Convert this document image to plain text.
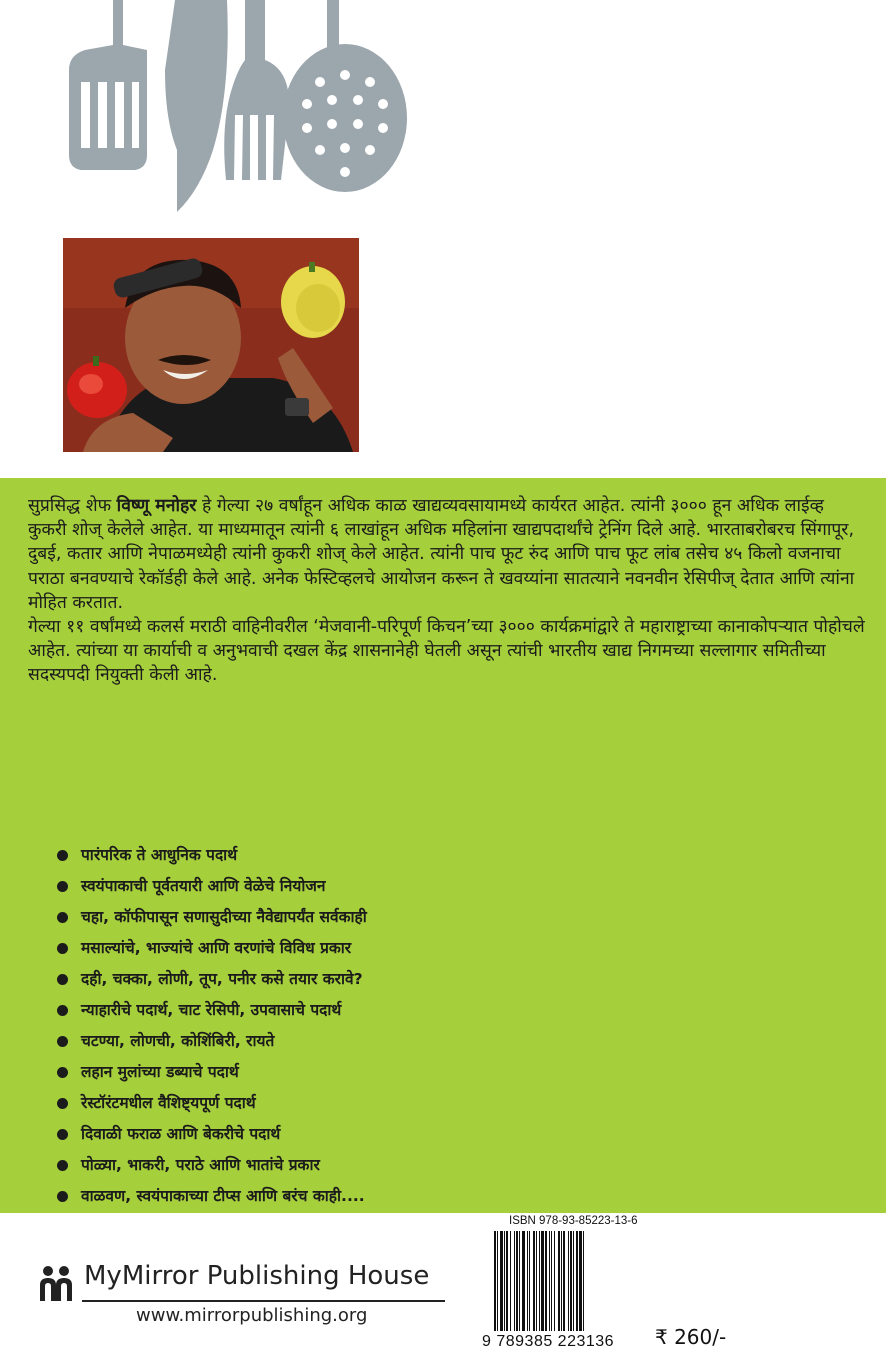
सुप्रसिद्ध शेफ विष्णू मनोहर हे गेल्या २७ वर्षांहून अधिक काळ खाद्यव्यवसायामध्ये कार्यरत आहेत. त्यांनी ३००० हून अधिक लाईव्ह कुकरी शोज् केलेले आहेत. या माध्यमातून त्यांनी ६ लाखांहून अधिक महिलांना खाद्यपदार्थांचे ट्रेनिंग दिले आहे. भारताबरोबरच सिंगापूर, दुबई, कतार आणि नेपाळमध्येही त्यांनी कुकरी शोज् केले आहेत. त्यांनी पाच फूट रुंद आणि पाच फूट लांब तसेच ४५ किलो वजनाचा पराठा बनवण्याचे रेकॉर्डही केले आहे. अनेक फेस्टिव्हलचे आयोजन करून ते खवय्यांना सातत्याने नवनवीन रेसिपीज् देतात आणि त्यांना मोहित करतात.

गेल्या ११ वर्षांमध्ये कलर्स मराठी वाहिनीवरील ‘मेजवानी-परिपूर्ण किचन’च्या ३००० कार्यक्रमांद्वारे ते महाराष्ट्राच्या कानाकोपऱ्यात पोहोचले आहेत. त्यांच्या या कार्याची व अनुभवाची दखल केंद्र शासनानेही घेतली असून त्यांची भारतीय खाद्य निगमच्या सल्लागार समितीच्या सदस्यपदी नियुक्ती केली आहे.

पारंपरिक ते आधुनिक पदार्थ
स्वयंपाकाची पूर्वतयारी आणि वेळेचे नियोजन
चहा, कॉफीपासून सणासुदीच्या नैवेद्यापर्यंत सर्वकाही
मसाल्यांचे, भाज्यांचे आणि वरणांचे विविध प्रकार
दही, चक्का, लोणी, तूप, पनीर कसे तयार करावे?
न्याहारीचे पदार्थ, चाट रेसिपी, उपवासाचे पदार्थ
चटण्या, लोणची, कोशिंबिरी, रायते
लहान मुलांच्या डब्याचे पदार्थ
रेस्टॉरंटमधील वैशिष्ट्यपूर्ण पदार्थ
दिवाळी फराळ आणि बेकरीचे पदार्थ
पोळ्या, भाकरी, पराठे आणि भातांचे प्रकार
वाळवण, स्वयंपाकाच्या टीप्स आणि बरंच काही....
MyMirror Publishing House
www.mirrorpublishing.org
ISBN 978-93-85223-13-6
9 789385 223136 ₹ 260/-
